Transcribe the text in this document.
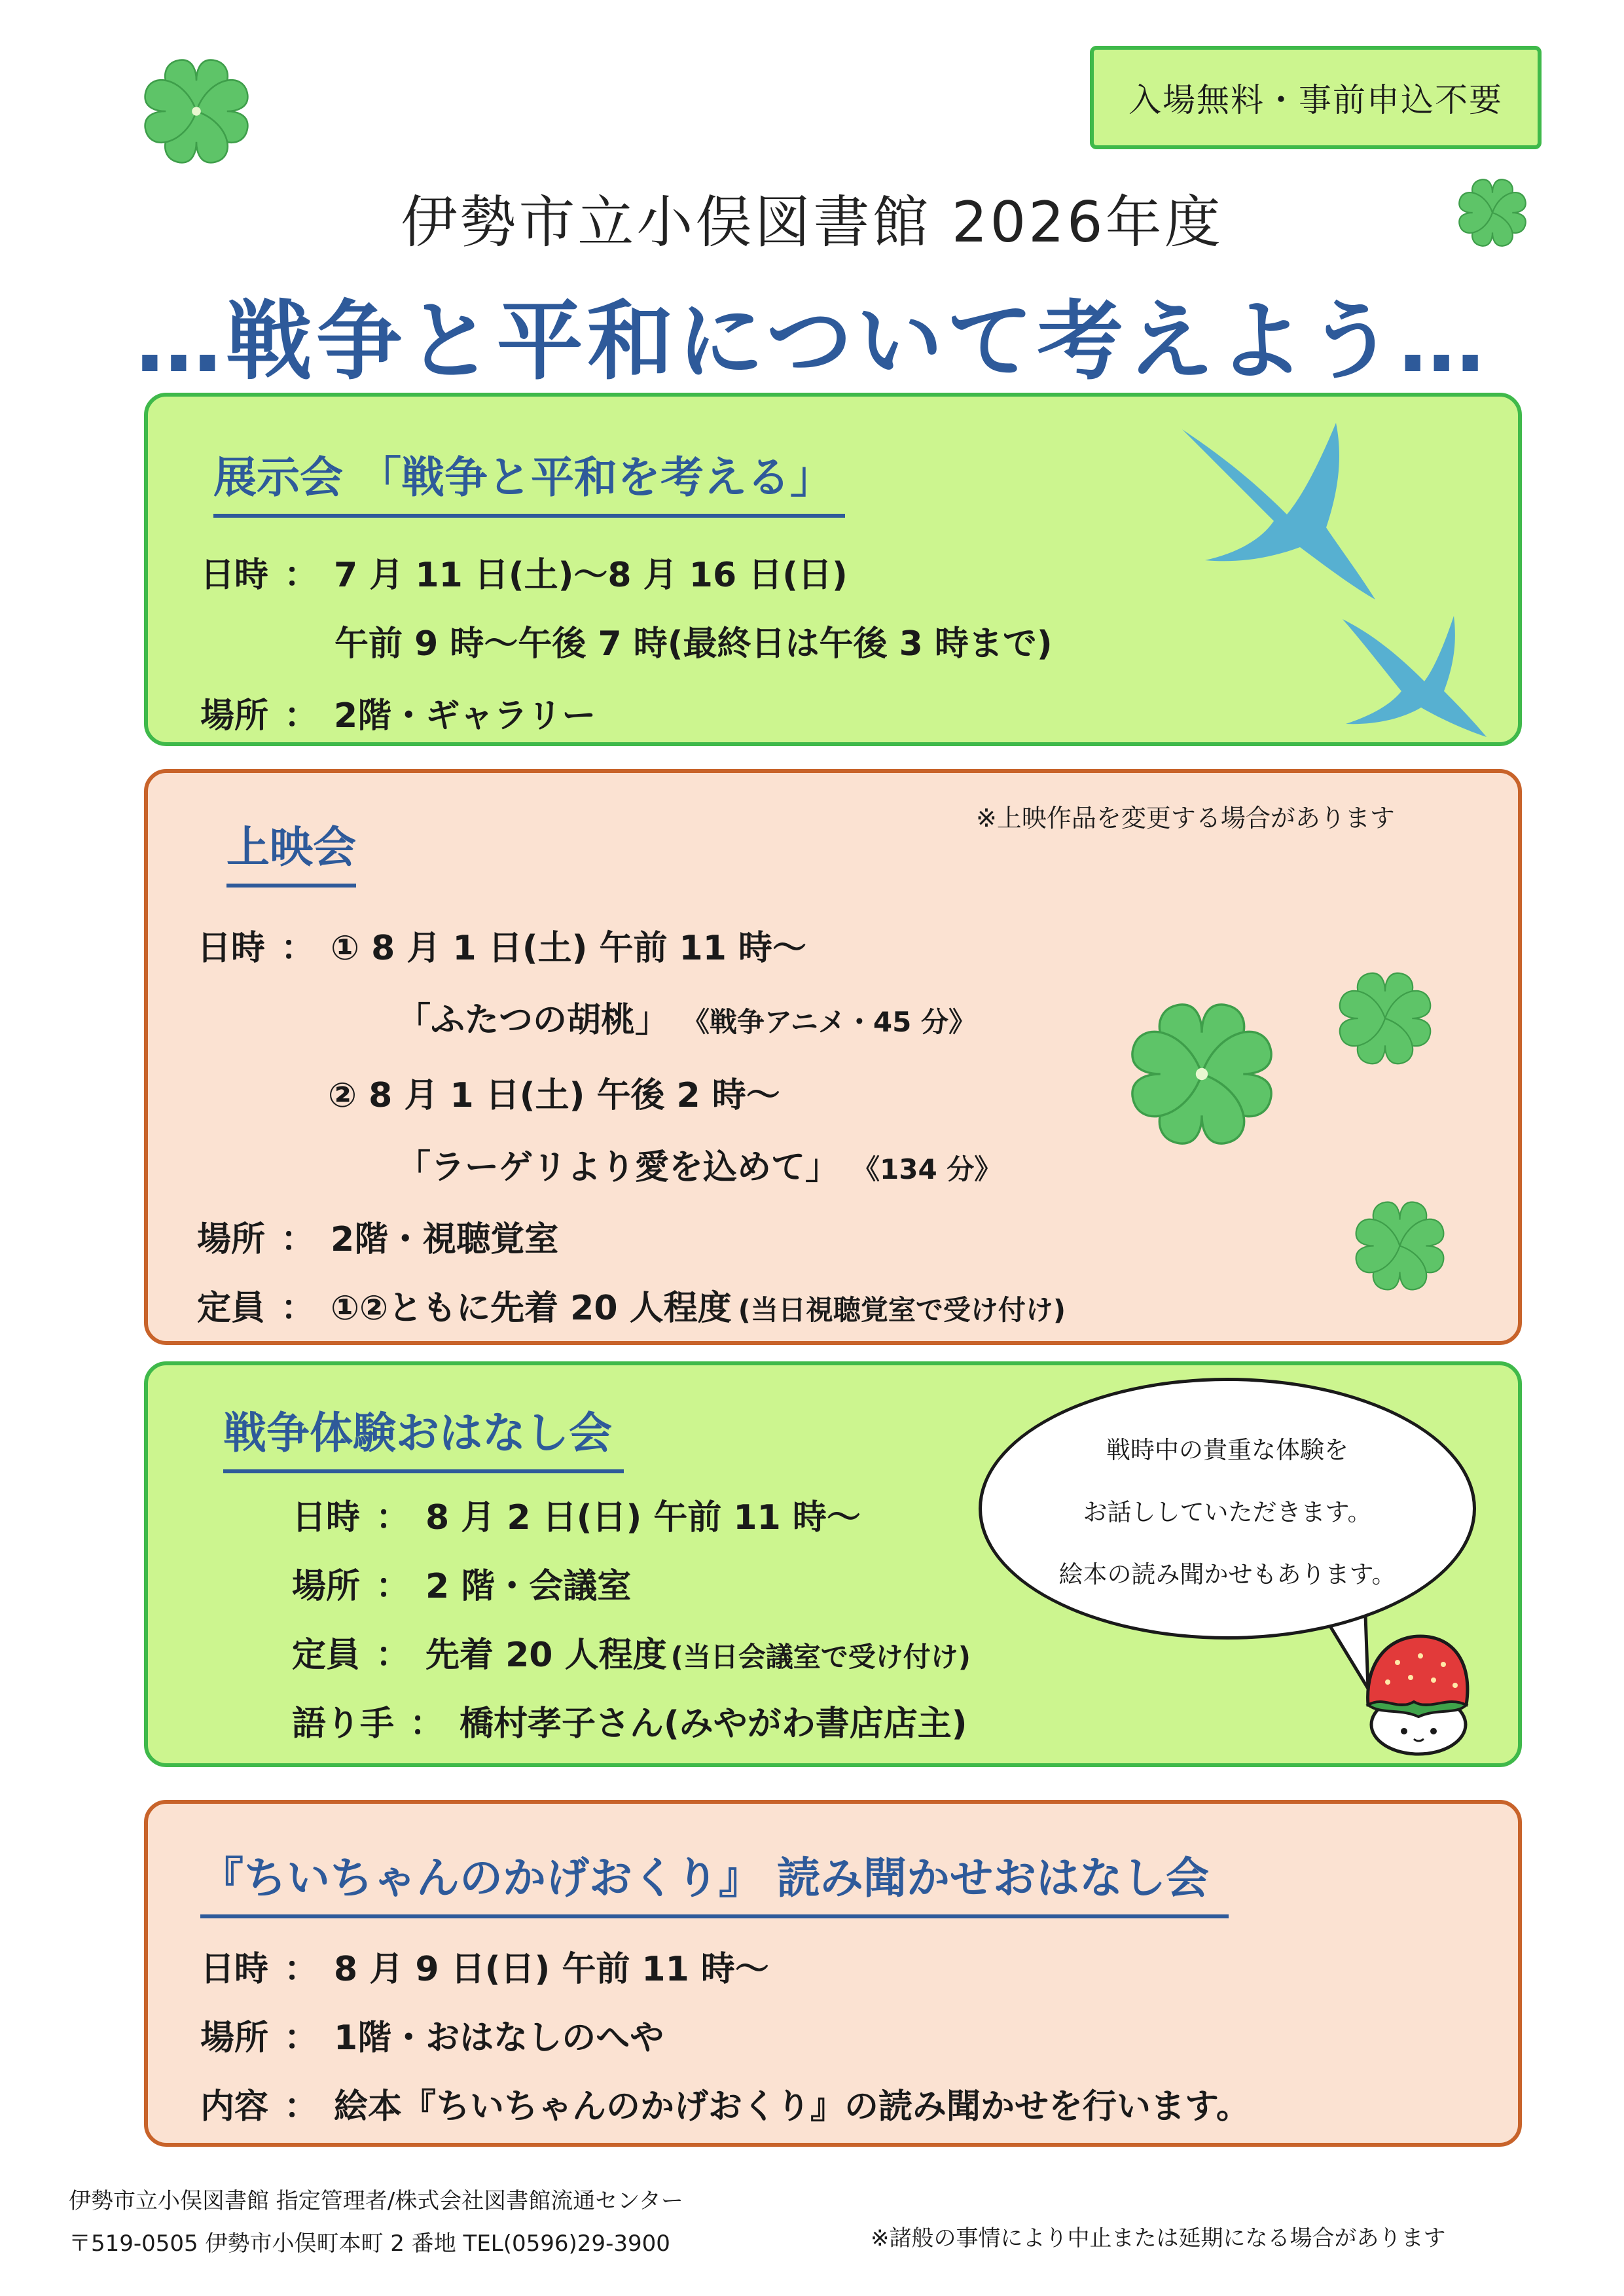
入場無料・事前申込不要
伊勢市立小俣図書館 2026年度
…戦争と平和について考えよう…
展示会 「戦争と平和を考える」
日時 ： 7 月 11 日(土)～8 月 16 日(日)
午前 9 時～午後 7 時(最終日は午後 3 時まで)
場所 ： 2階・ギャラリー
上映会
※上映作品を変更する場合があります
日時 ： ① 8 月 1 日(土) 午前 11 時～
「ふたつの胡桃」 《戦争アニメ・45 分》
② 8 月 1 日(土) 午後 2 時～
「ラーゲリより愛を込めて」 《134 分》
場所 ： 2階・視聴覚室
定員 ： ①②ともに先着 20 人程度 (当日視聴覚室で受け付け)
戦争体験おはなし会
日時 ： 8 月 2 日(日) 午前 11 時～
場所 ： 2 階・会議室
定員 ： 先着 20 人程度 (当日会議室で受け付け)
語り手 ： 橋村孝子さん(みやがわ書店店主)
戦時中の貴重な体験を
お話ししていただきます。
絵本の読み聞かせもあります。
『ちいちゃんのかげおくり』 読み聞かせおはなし会
日時 ： 8 月 9 日(日) 午前 11 時～
場所 ： 1階・おはなしのへや
内容 ： 絵本『ちいちゃんのかげおくり』の読み聞かせを行います。
伊勢市立小俣図書館 指定管理者/株式会社図書館流通センター
〒519-0505 伊勢市小俣町本町 2 番地 TEL(0596)29-3900	※諸般の事情により中止または延期になる場合があります
